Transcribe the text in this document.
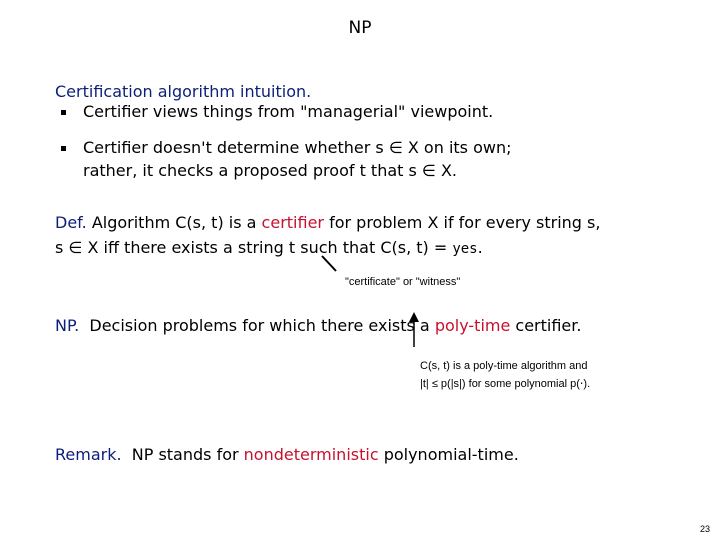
NP
Certification algorithm intuition.
Certifier views things from "managerial" viewpoint.
Certifier doesn't determine whether s ∈ X on its own;
rather, it checks a proposed proof t that s ∈ X.
Def. Algorithm C(s, t) is a certifier for problem X if for every string s,
s ∈ X iff there exists a string t such that C(s, t) = yes.
"certificate" or "witness"
NP.  Decision problems for which there exists a poly-time certifier.
C(s, t) is a poly-time algorithm and
|t| ≤ p(|s|) for some polynomial p(⋅).
Remark.  NP stands for nondeterministic polynomial-time.
23
